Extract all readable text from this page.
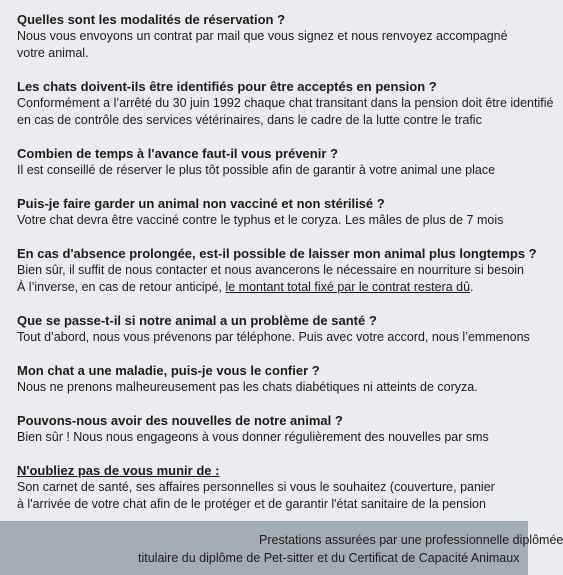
Quelles sont les modalités de réservation ?
Nous vous envoyons un contrat par mail que vous signez et nous renvoyez accompagné
votre animal.
Les chats doivent-ils être identifiés pour être acceptés en pension ?
Conformément a l’arrêté du 30 juin 1992 chaque chat transitant dans la pension doit être identifié
en cas de contrôle des services vétérinaires, dans le cadre de la lutte contre le trafic
Combien de temps à l'avance faut-il vous prévenir ?
Il est conseillé de réserver le plus tôt possible afin de garantir à votre animal une place
Puis-je faire garder un animal non vacciné et non stérilisé ?
Votre chat devra être vacciné contre le typhus et le coryza. Les mâles de plus de 7 mois
En cas d'absence prolongée, est-il possible de laisser mon animal plus longtemps ?
Bien sûr, il suffit de nous contacter et nous avancerons le nécessaire en nourriture si besoin
À l’inverse, en cas de retour anticipé, le montant total fixé par le contrat restera dû.
Que se passe-t-il si notre animal a un problème de santé ?
Tout d’abord, nous vous prévenons par téléphone. Puis avec votre accord, nous l’emmenons
Mon chat a une maladie, puis-je vous le confier ?
Nous ne prenons malheureusement pas les chats diabétiques ni atteints de coryza.
Pouvons-nous avoir des nouvelles de notre animal ?
Bien sûr ! Nous nous engageons à vous donner régulièrement des nouvelles par sms
N'oubliez pas de vous munir de :
Son carnet de santé, ses affaires personnelles si vous le souhaitez (couverture, panier
à l'arrivée de votre chat afin de le protéger et de garantir l'état sanitaire de la pension
Prestations assurées par une professionnelle diplômée
titulaire du diplôme de Pet-sitter et du Certificat de Capacité Animaux
